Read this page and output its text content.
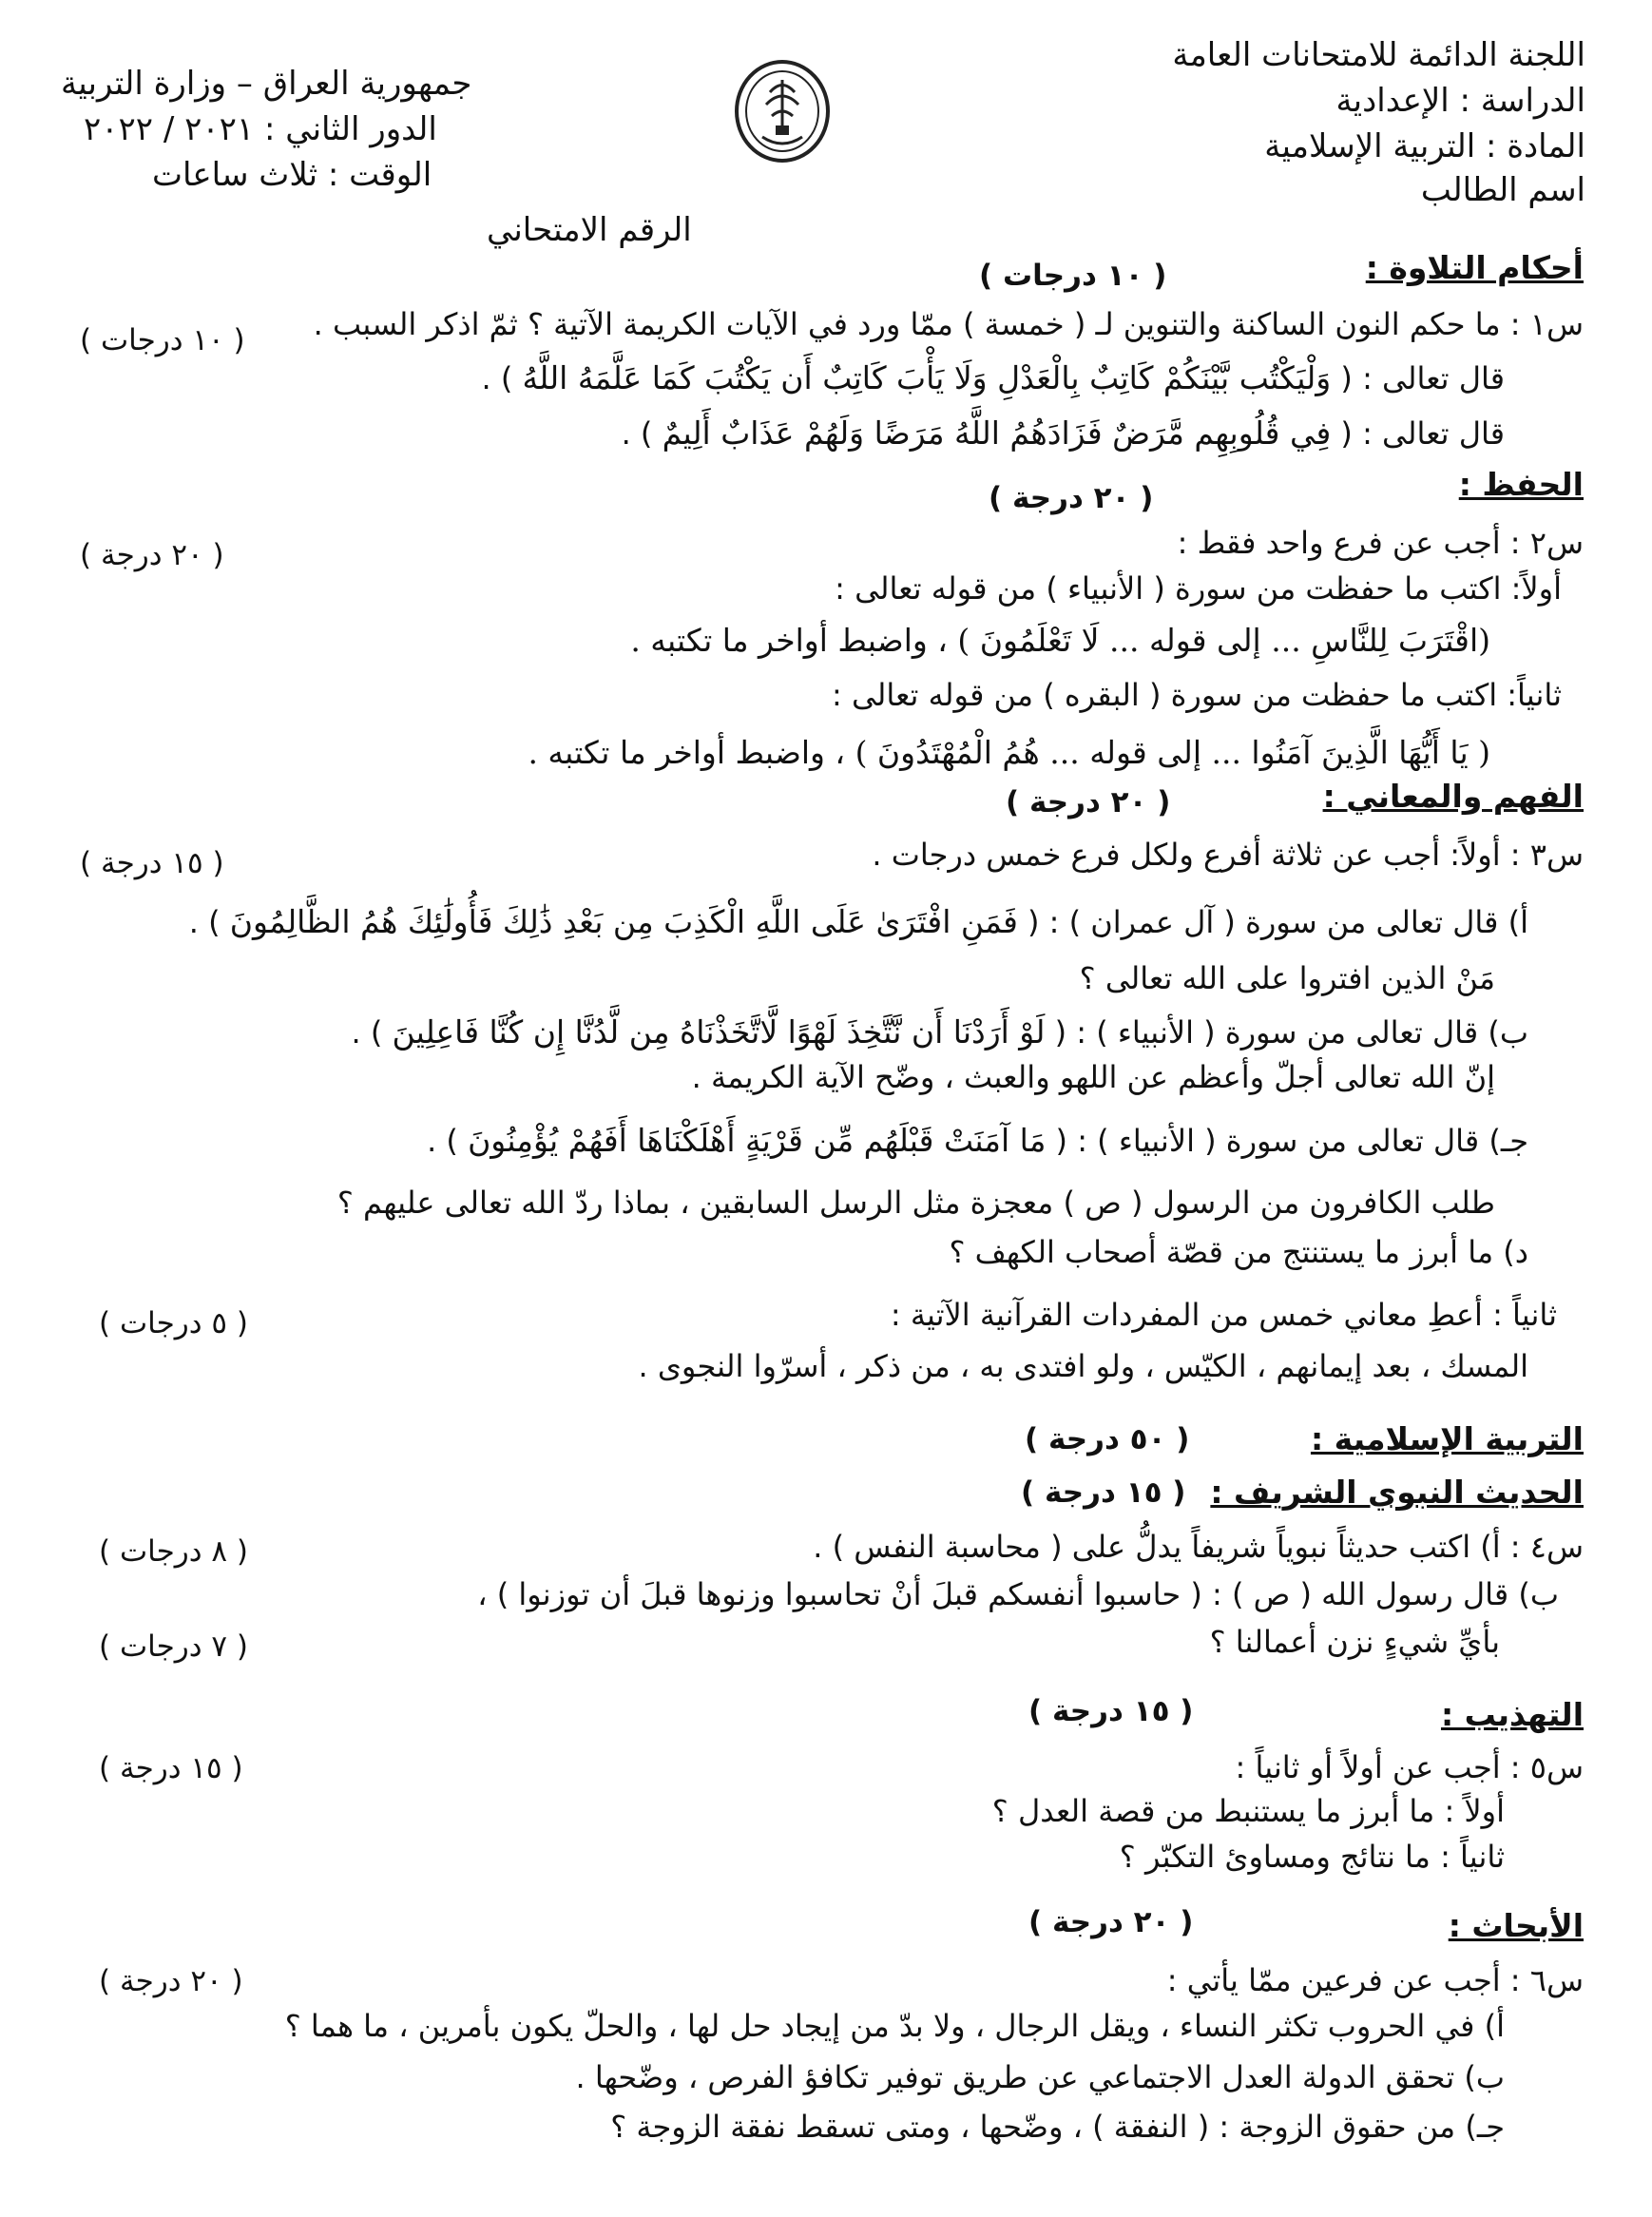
اللجنة الدائمة للامتحانات العامة
الدراسة : الإعدادية
المادة : التربية الإسلامية
اسم الطالب
جمهورية العراق – وزارة التربية
الدور الثاني : ٢٠٢١ / ٢٠٢٢
الوقت : ثلاث ساعات
الرقم الامتحاني
أحكام التلاوة :
( ١٠ درجات )
س١ : ما حكم النون الساكنة والتنوين لـ ( خمسة ) ممّا ورد في الآيات الكريمة الآتية ؟ ثمّ اذكر السبب .
( ١٠ درجات )
قال تعالى : ( وَلْيَكْتُب بَّيْنَكُمْ كَاتِبٌ بِالْعَدْلِ وَلَا يَأْبَ كَاتِبٌ أَن يَكْتُبَ كَمَا عَلَّمَهُ اللَّهُ ) .
قال تعالى : ( فِي قُلُوبِهِم مَّرَضٌ فَزَادَهُمُ اللَّهُ مَرَضًا وَلَهُمْ عَذَابٌ أَلِيمٌ ) .
الحفظ :
( ٢٠ درجة )
س٢ : أجب عن فرع واحد فقط :
( ٢٠ درجة )
أولاً: اكتب ما حفظت من سورة ( الأنبياء ) من قوله تعالى :
(اقْتَرَبَ لِلنَّاسِ ... إلى قوله ... لَا تَعْلَمُونَ ) ، واضبط أواخر ما تكتبه .
ثانياً: اكتب ما حفظت من سورة ( البقره ) من قوله تعالى :
( يَا أَيُّهَا الَّذِينَ آمَنُوا ... إلى قوله ... هُمُ الْمُهْتَدُونَ ) ، واضبط أواخر ما تكتبه .
الفهم والمعاني :
( ٢٠ درجة )
س٣ : أولاً: أجب عن ثلاثة أفرع ولكل فرع خمس درجات .
( ١٥ درجة )
أ) قال تعالى من سورة ( آل عمران ) : ( فَمَنِ افْتَرَىٰ عَلَى اللَّهِ الْكَذِبَ مِن بَعْدِ ذَٰلِكَ فَأُولَٰئِكَ هُمُ الظَّالِمُونَ ) .
مَنْ الذين افتروا على الله تعالى ؟
ب) قال تعالى من سورة ( الأنبياء ) : ( لَوْ أَرَدْنَا أَن نَّتَّخِذَ لَهْوًا لَّاتَّخَذْنَاهُ مِن لَّدُنَّا إِن كُنَّا فَاعِلِينَ ) .
إنّ الله تعالى أجلّ وأعظم عن اللهو والعبث ، وضّح الآية الكريمة .
جـ) قال تعالى من سورة ( الأنبياء ) : ( مَا آمَنَتْ قَبْلَهُم مِّن قَرْيَةٍ أَهْلَكْنَاهَا أَفَهُمْ يُؤْمِنُونَ ) .
طلب الكافرون من الرسول ( ص ) معجزة مثل الرسل السابقين ، بماذا ردّ الله تعالى عليهم ؟
د) ما أبرز ما يستنتج من قصّة أصحاب الكهف ؟
ثانياً : أعطِ معاني خمس من المفردات القرآنية الآتية :
( ٥ درجات )
المسك ، بعد إيمانهم ، الكيّس ، ولو افتدى به ، من ذكر ، أسرّوا النجوى .
التربية الإسلامية :
( ٥٠ درجة )
الحديث النبوي الشريف :
( ١٥ درجة )
س٤ : أ) اكتب حديثاً نبوياً شريفاً يدلُّ على ( محاسبة النفس ) .
( ٨ درجات )
ب) قال رسول الله ( ص ) : ( حاسبوا أنفسكم قبلَ أنْ تحاسبوا وزنوها قبلَ أن توزنوا ) ،
بأيِّ شيءٍ نزن أعمالنا ؟
( ٧ درجات )
التهذيب :
( ١٥ درجة )
س٥ : أجب عن أولاً أو ثانياً :
( ١٥ درجة )
أولاً : ما أبرز ما يستنبط من قصة العدل ؟
ثانياً : ما نتائج ومساوئ التكبّر ؟
الأبحاث :
( ٢٠ درجة )
س٦ : أجب عن فرعين ممّا يأتي :
( ٢٠ درجة )
أ) في الحروب تكثر النساء ، ويقل الرجال ، ولا بدّ من إيجاد حل لها ، والحلّ يكون بأمرين ، ما هما ؟
ب) تحقق الدولة العدل الاجتماعي عن طريق توفير تكافؤ الفرص ، وضّحها .
جـ) من حقوق الزوجة : ( النفقة ) ، وضّحها ، ومتى تسقط نفقة الزوجة ؟
